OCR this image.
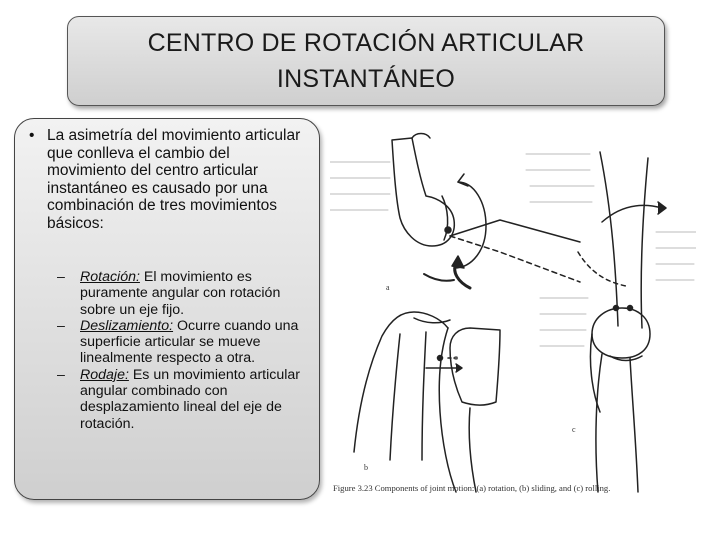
CENTRO DE ROTACIÓN ARTICULAR
INSTANTÁNEO
• La asimetría del movimiento articular que conlleva el cambio del movimiento del centro articular instantáneo es causado por una combinación de tres movimientos básicos:
– Rotación: El movimiento es puramente angular con rotación sobre un eje fijo.
– Deslizamiento: Ocurre cuando una superficie articular se mueve linealmente respecto a otra.
– Rodaje: Es un movimiento articular angular combinado con desplazamiento lineal del eje de rotación.
a
b
c
o
Figure 3.23 Components of joint motion: (a) rotation, (b) sliding, and (c) rolling.
